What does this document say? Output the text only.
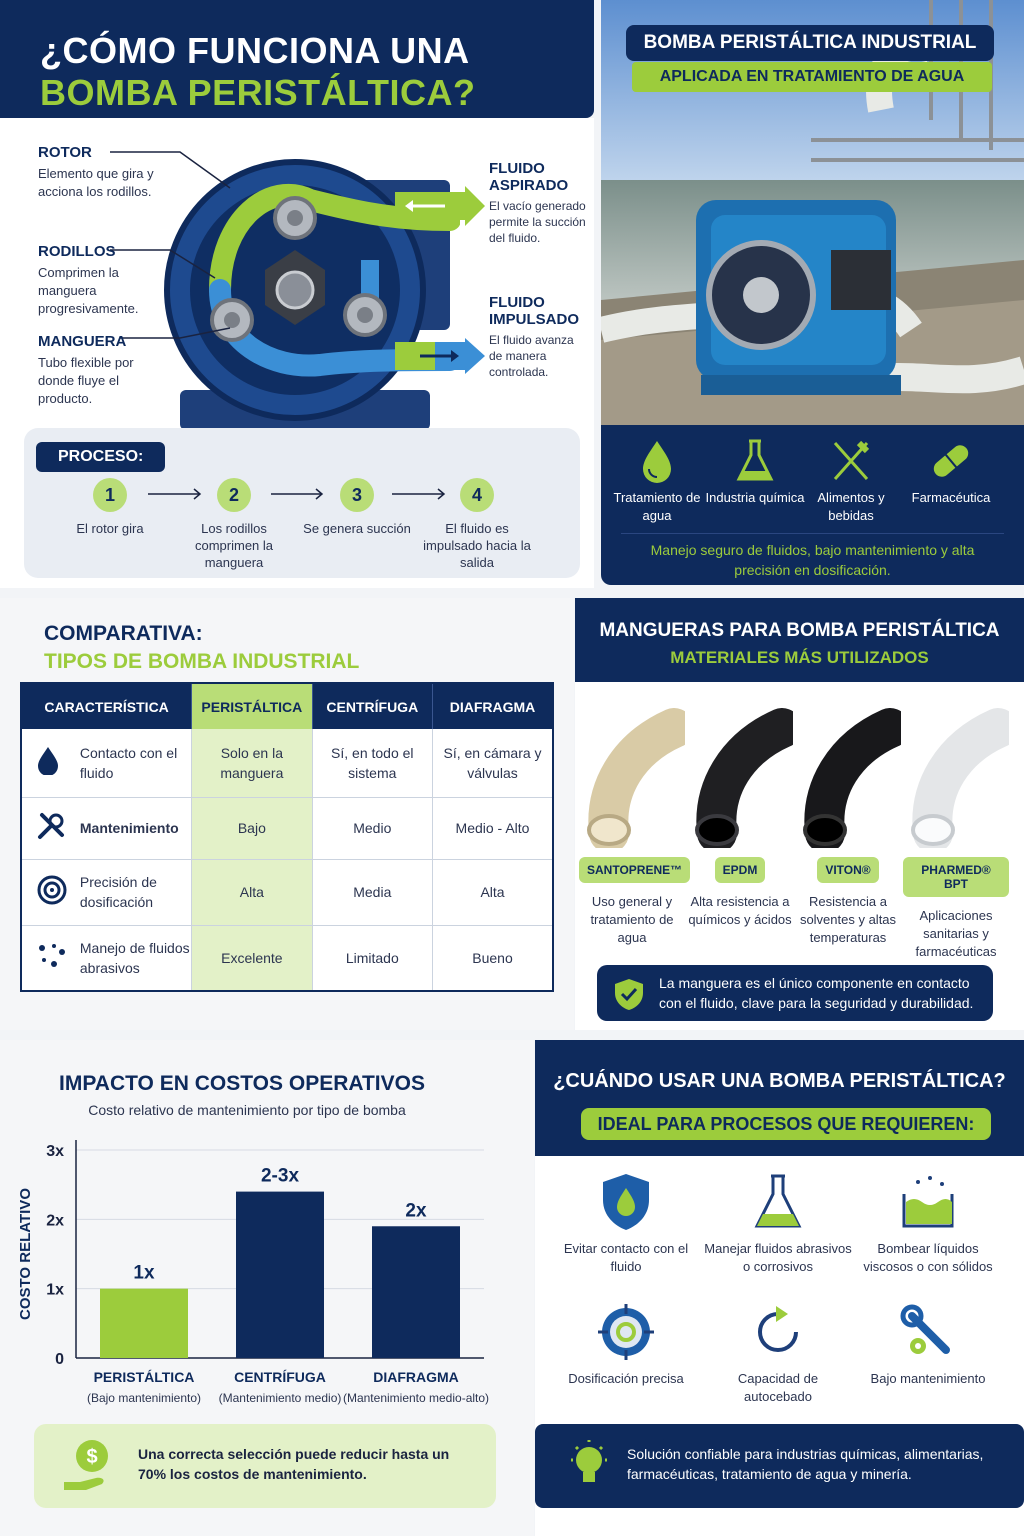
¿CÓMO FUNCIONA UNA
BOMBA PERISTÁLTICA?
ROTOR
Elemento que gira y acciona los rodillos.
RODILLOS
Comprimen la manguera progresivamente.
MANGUERA
Tubo flexible por donde fluye el producto.
FLUIDO
ASPIRADO
El vacío generado permite la succión del fluido.
FLUIDO
IMPULSADO
El fluido avanza de manera controlada.
PROCESO:
1
El rotor gira
2
Los rodillos comprimen la manguera
3
Se genera succión
4
El fluido es impulsado hacia la salida
BOMBA PERISTÁLTICA INDUSTRIAL
APLICADA EN TRATAMIENTO DE AGUA
Tratamiento de agua
Industria química Alimentos y bebidas
Farmacéutica
Manejo seguro de fluidos, bajo mantenimiento y alta precisión en dosificación.
COMPARATIVA:
TIPOS DE BOMBA INDUSTRIAL
CARACTERÍSTICA	PERISTÁLTICA	CENTRÍFUGA	DIAFRAGMA
Contacto con el fluido	Solo en la manguera	Sí, en todo el sistema	Sí, en cámara y válvulas
Mantenimiento	Bajo	Medio	Medio - Alto
Precisión de dosificación	Alta	Media	Alta
Manejo de fluidos abrasivos	Excelente	Limitado	Bueno
MANGUERAS PARA BOMBA PERISTÁLTICA
MATERIALES MÁS UTILIZADOS
SANTOPRENE™
Uso general y tratamiento de agua
EPDM
Alta resistencia a químicos y ácidos
VITON®
Resistencia a solventes y altas temperaturas
PHARMED® BPT
Aplicaciones sanitarias y farmacéuticas
La manguera es el único componente en contacto con el fluido, clave para la seguridad y durabilidad.
IMPACTO EN COSTOS OPERATIVOS
Costo relativo de mantenimiento por tipo de bomba
0
1x
2x
3x
COSTO RELATIVO	1x
PERISTÁLTICA
(Bajo mantenimiento)
2-3x
CENTRÍFUGA
(Mantenimiento medio)
2x
DIAFRAGMA
(Mantenimiento medio-alto)
$	Una correcta selección puede reducir hasta un 70% los costos de mantenimiento.
¿CUÁNDO USAR UNA BOMBA PERISTÁLTICA?
IDEAL PARA PROCESOS QUE REQUIEREN:
Evitar contacto con el fluido
Manejar fluidos abrasivos o corrosivos
Bombear líquidos viscosos o con sólidos
Dosificación precisa	Capacidad de autocebado
Bajo mantenimiento
Solución confiable para industrias químicas, alimentarias, farmacéuticas, tratamiento de agua y minería.
